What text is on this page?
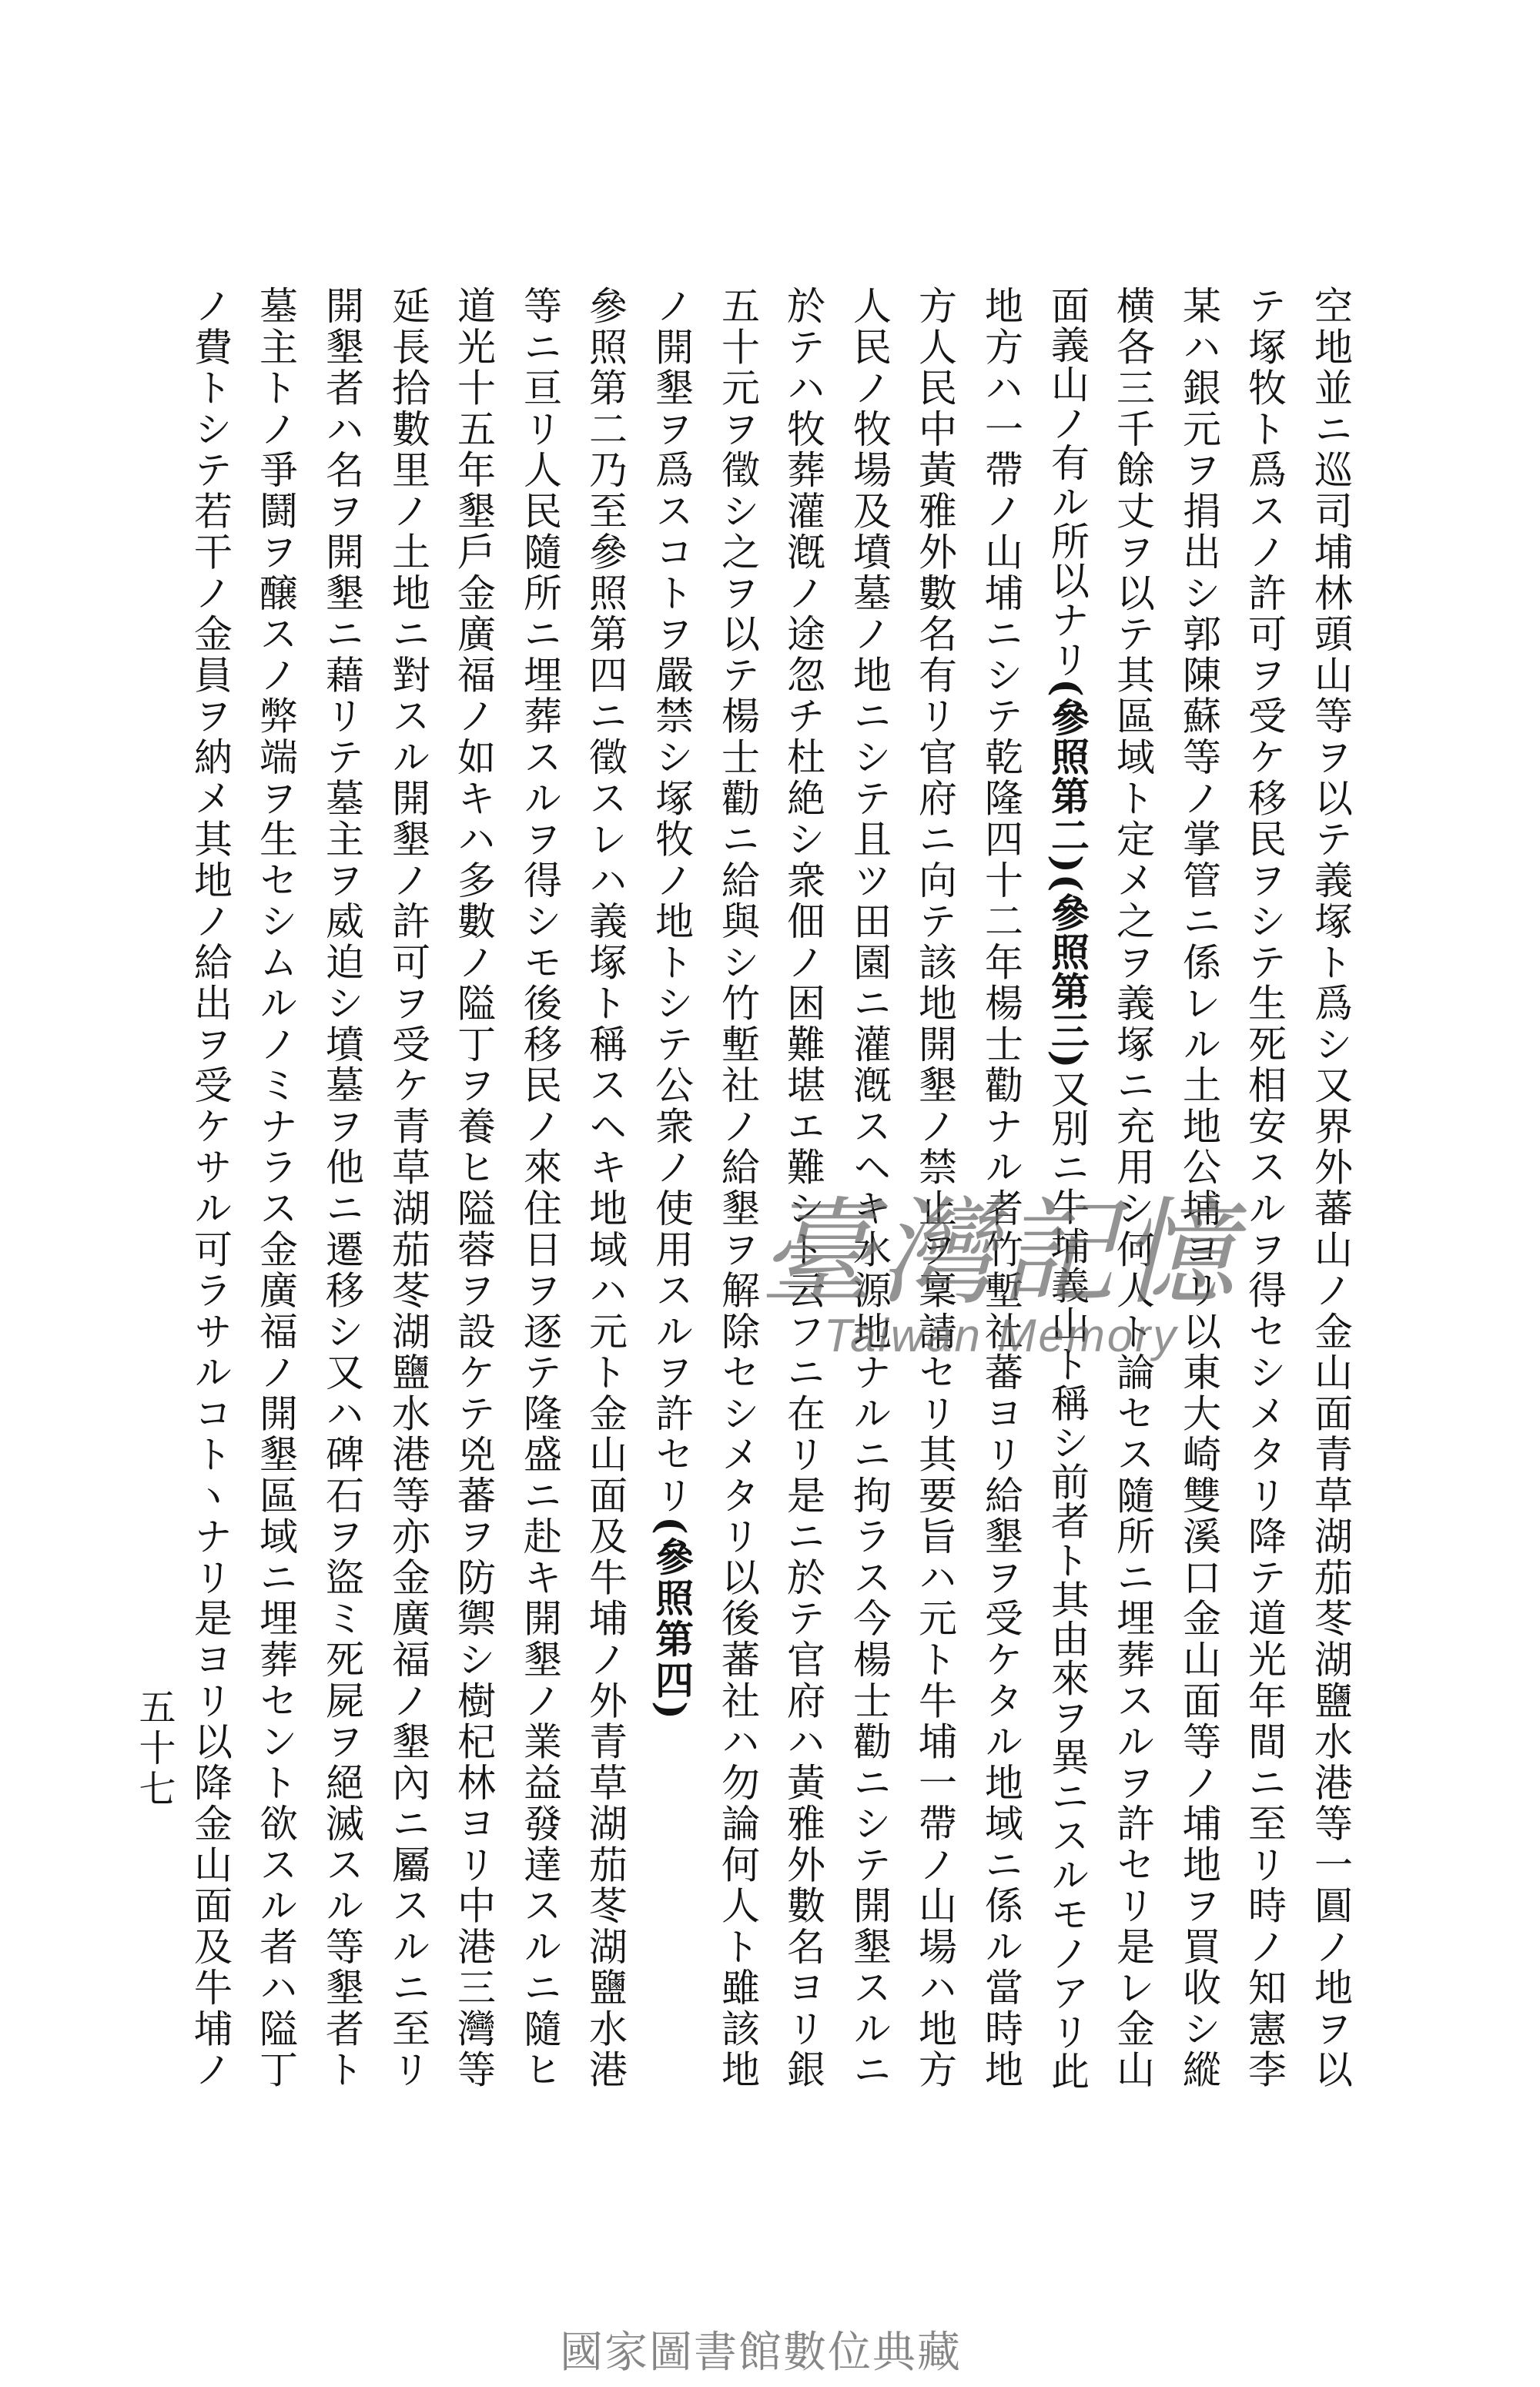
空地並ニ巡司埔林頭山等ヲ以テ義塚ト爲シ又界外蕃山ノ金山面青草湖茄苳湖鹽水港等一圓ノ地ヲ以
テ塚牧ト爲スノ許可ヲ受ケ移民ヲシテ生死相安スルヲ得セシメタリ降テ道光年間ニ至リ時ノ知憲李
某ハ銀元ヲ捐出シ郭陳蘇等ノ掌管ニ係レル土地公埔ヨリ以東大崎雙溪口金山面等ノ埔地ヲ買收シ縱
横各三千餘丈ヲ以テ其區域ト定メ之ヲ義塚ニ充用シ何人ト論セス隨所ニ埋葬スルヲ許セリ是レ金山
面義山ノ有ル所以ナリ(參照第二)(參照第三)又別ニ牛埔義山ト稱シ前者ト其由來ヲ異ニスルモノアリ此
地方ハ一帶ノ山埔ニシテ乾隆四十二年楊士勸ナル者竹塹社蕃ヨリ給墾ヲ受ケタル地域ニ係ル當時地
方人民中黃雅外數名有リ官府ニ向テ該地開墾ノ禁止ヲ稟請セリ其要旨ハ元ト牛埔一帶ノ山場ハ地方
人民ノ牧場及墳墓ノ地ニシテ且ツ田園ニ灌漑スヘキ水源地ナルニ拘ラス今楊士勸ニシテ開墾スルニ
於テハ牧葬灌漑ノ途忽チ杜絶シ衆佃ノ困難堪エ難シト云フニ在リ是ニ於テ官府ハ黃雅外數名ヨリ銀
五十元ヲ徵シ之ヲ以テ楊士勸ニ給與シ竹塹社ノ給墾ヲ解除セシメタリ以後蕃社ハ勿論何人ト雖該地
ノ開墾ヲ爲スコトヲ嚴禁シ塚牧ノ地トシテ公衆ノ使用スルヲ許セリ(參照第四)
參照第二乃至參照第四ニ徵スレハ義塚ト稱スヘキ地域ハ元ト金山面及牛埔ノ外青草湖茄苳湖鹽水港
等ニ亘リ人民隨所ニ埋葬スルヲ得シモ後移民ノ來住日ヲ逐テ隆盛ニ赴キ開墾ノ業益發達スルニ隨ヒ
道光十五年墾戶金廣福ノ如キハ多數ノ隘丁ヲ養ヒ隘蓉ヲ設ケテ兇蕃ヲ防禦シ樹杞林ヨリ中港三灣等
延長拾數里ノ土地ニ對スル開墾ノ許可ヲ受ケ青草湖茄苳湖鹽水港等亦金廣福ノ墾內ニ屬スルニ至リ
開墾者ハ名ヲ開墾ニ藉リテ墓主ヲ威迫シ墳墓ヲ他ニ遷移シ又ハ碑石ヲ盜ミ死屍ヲ絕滅スル等墾者ト
墓主トノ爭鬪ヲ醸スノ弊端ヲ生セシムルノミナラス金廣福ノ開墾區域ニ埋葬セント欲スル者ハ隘丁
ノ費トシテ若干ノ金員ヲ納メ其地ノ給出ヲ受ケサル可ラサルコトヽナリ是ヨリ以降金山面及牛埔ノ
五十七
臺灣記憶
Taiwan Memory
國家圖書館數位典藏
